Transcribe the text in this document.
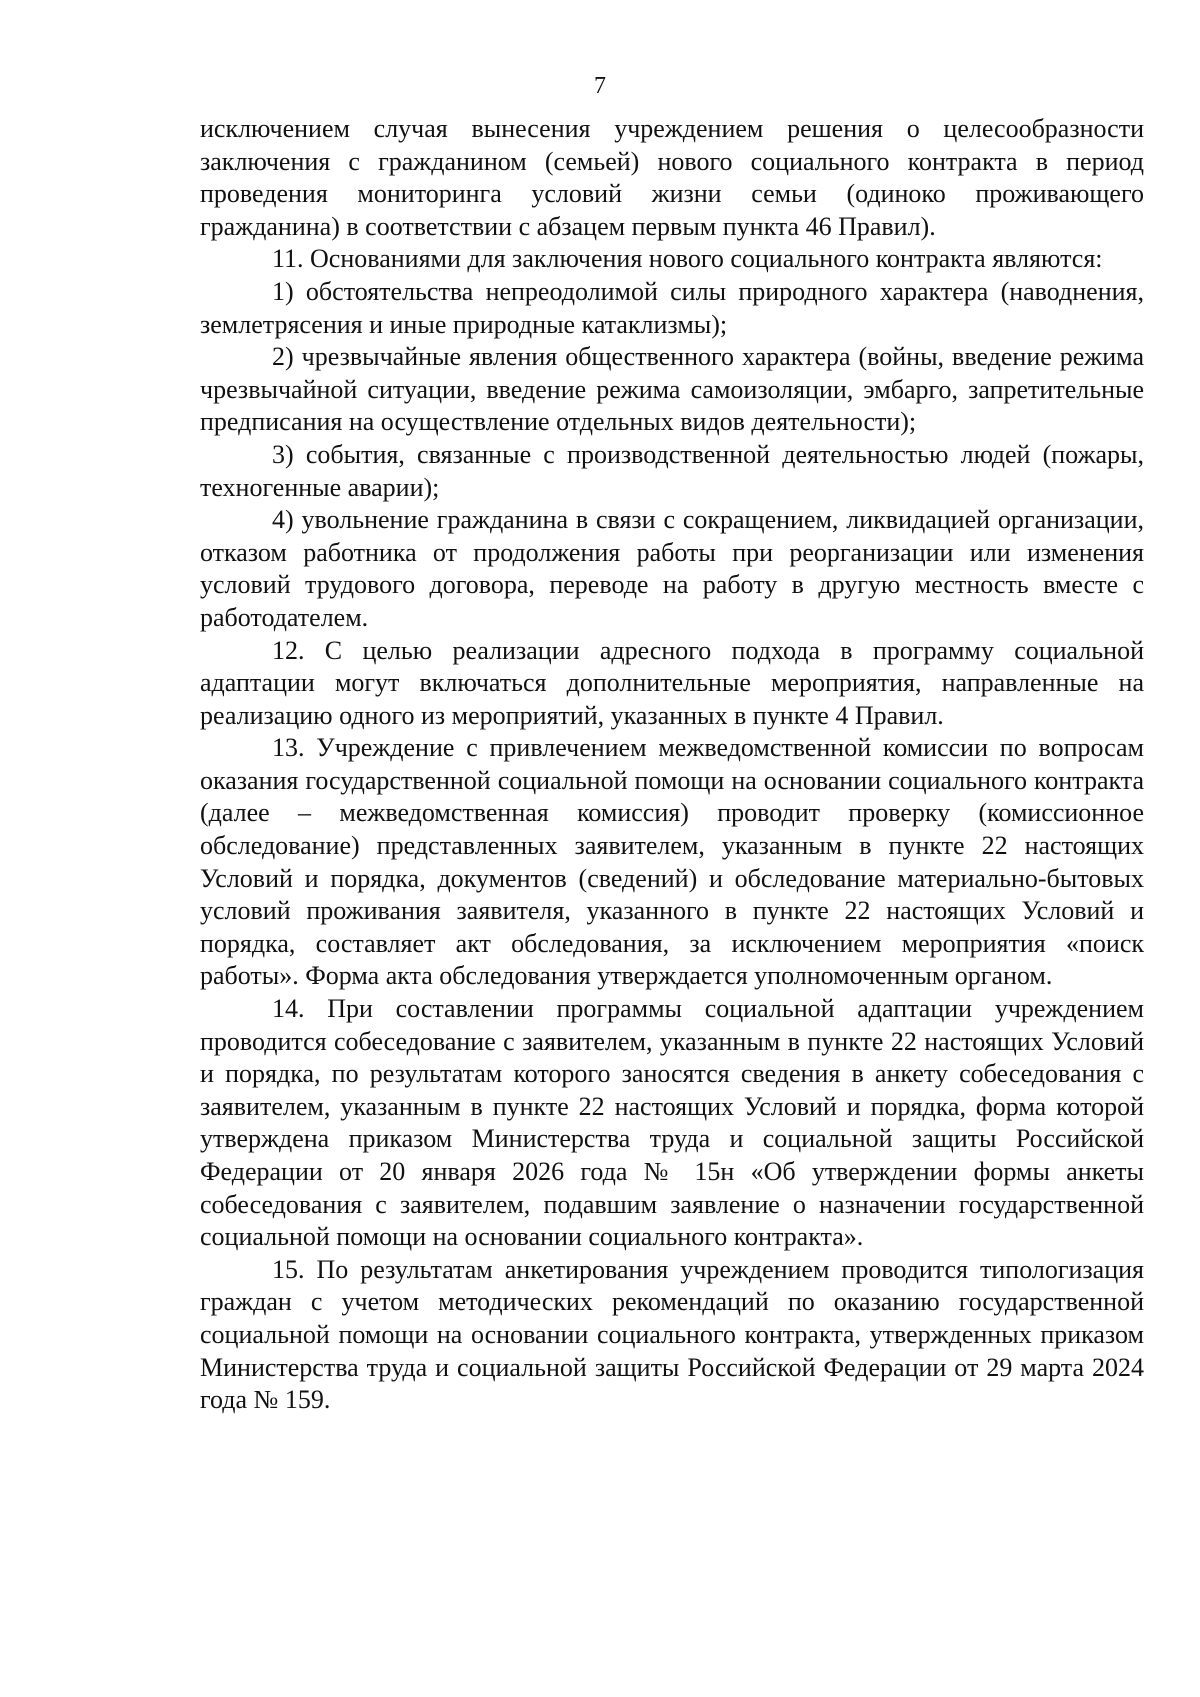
7

исключением случая вынесения учреждением решения о целесообразности заключения с гражданином (семьей) нового социального контракта в период проведения мониторинга условий жизни семьи (одиноко проживающего гражданина) в соответствии с абзацем первым пункта 46 Правил).

11. Основаниями для заключения нового социального контракта являются:

1) обстоятельства непреодолимой силы природного характера (наводнения, землетрясения и иные природные катаклизмы);

2) чрезвычайные явления общественного характера (войны, введение режима чрезвычайной ситуации, введение режима самоизоляции, эмбарго, запретительные предписания на осуществление отдельных видов деятельности);

3) события, связанные с производственной деятельностью людей (пожары, техногенные аварии);

4) увольнение гражданина в связи с сокращением, ликвидацией организации, отказом работника от продолжения работы при реорганизации или изменения условий трудового договора, переводе на работу в другую местность вместе с работодателем.

12. С целью реализации адресного подхода в программу социальной адаптации могут включаться дополнительные мероприятия, направленные на реализацию одного из мероприятий, указанных в пункте 4 Правил.

13. Учреждение с привлечением межведомственной комиссии по вопросам оказания государственной социальной помощи на основании социального контракта (далее – межведомственная комиссия) проводит проверку (комиссионное обследование) представленных заявителем, указанным в пункте 22 настоящих Условий и порядка, документов (сведений) и обследование материально-бытовых условий проживания заявителя, указанного в пункте 22 настоящих Условий и порядка, составляет акт обследования, за исключением мероприятия «поиск работы». Форма акта обследования утверждается уполномоченным органом.

14. При составлении программы социальной адаптации учреждением проводится собеседование с заявителем, указанным в пункте 22 настоящих Условий и порядка, по результатам которого заносятся сведения в анкету собеседования с заявителем, указанным в пункте 22 настоящих Условий и порядка, форма которой утверждена приказом Министерства труда и социальной защиты Российской Федерации от 20 января 2026 года № 15н «Об утверждении формы анкеты собеседования с заявителем, подавшим заявление о назначении государственной социальной помощи на основании социального контракта».

15. По результатам анкетирования учреждением проводится типологизация граждан с учетом методических рекомендаций по оказанию государственной социальной помощи на основании социального контракта, утвержденных приказом Министерства труда и социальной защиты Российской Федерации от 29 марта 2024 года № 159.
